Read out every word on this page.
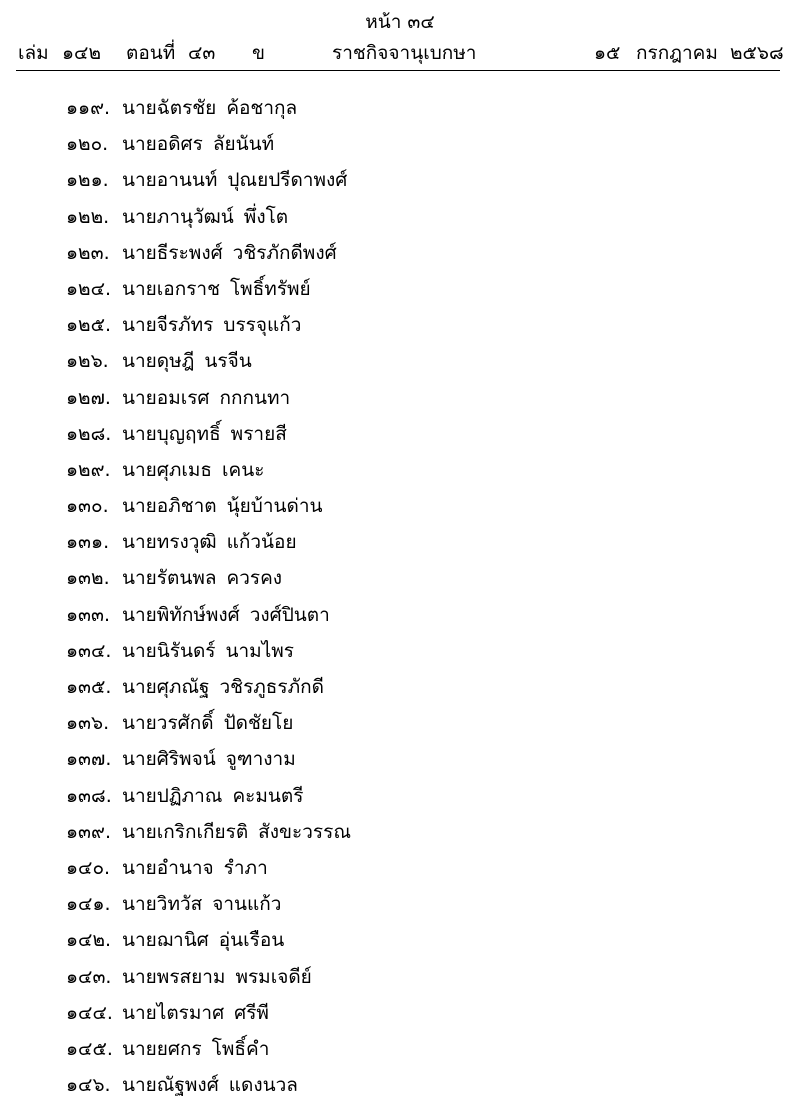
หน้า ๓๔
เล่ม ๑๔๒ ตอนที่ ๔๓ ข	ราชกิจจานุเบกษา	๑๕ กรกฎาคม ๒๕๖๘
๑๑๙. นายฉัตรชัย ค้อชากุล
๑๒๐. นายอดิศร ลัยนันท์
๑๒๑. นายอานนท์ ปุณยปรีดาพงศ์
๑๒๒. นายภานุวัฒน์ พึ่งโต
๑๒๓. นายธีระพงศ์ วชิรภักดีพงศ์
๑๒๔. นายเอกราช โพธิ์ทรัพย์
๑๒๕. นายจีรภัทร บรรจุแก้ว
๑๒๖. นายดุษฎี นรจีน
๑๒๗. นายอมเรศ กกกนทา
๑๒๘. นายบุญฤทธิ์ พรายสี
๑๒๙. นายศุภเมธ เคนะ
๑๓๐. นายอภิชาต นุ้ยบ้านด่าน
๑๓๑. นายทรงวุฒิ แก้วน้อย
๑๓๒. นายรัตนพล ควรคง
๑๓๓. นายพิทักษ์พงศ์ วงศ์ปินตา
๑๓๔. นายนิรันดร์ นามไพร
๑๓๕. นายศุภณัฐ วชิรภูธรภักดี
๑๓๖. นายวรศักดิ์ ปัดชัยโย
๑๓๗. นายศิริพจน์ จูฑางาม
๑๓๘. นายปฏิภาณ คะมนตรี
๑๓๙. นายเกริกเกียรติ สังขะวรรณ
๑๔๐. นายอำนาจ รำภา
๑๔๑. นายวิทวัส จานแก้ว
๑๔๒. นายฌานิศ อุ่นเรือน
๑๔๓. นายพรสยาม พรมเจดีย์
๑๔๔. นายไตรมาศ ศรีพี
๑๔๕. นายยศกร โพธิ์คำ
๑๔๖. นายณัฐพงศ์ แดงนวล
